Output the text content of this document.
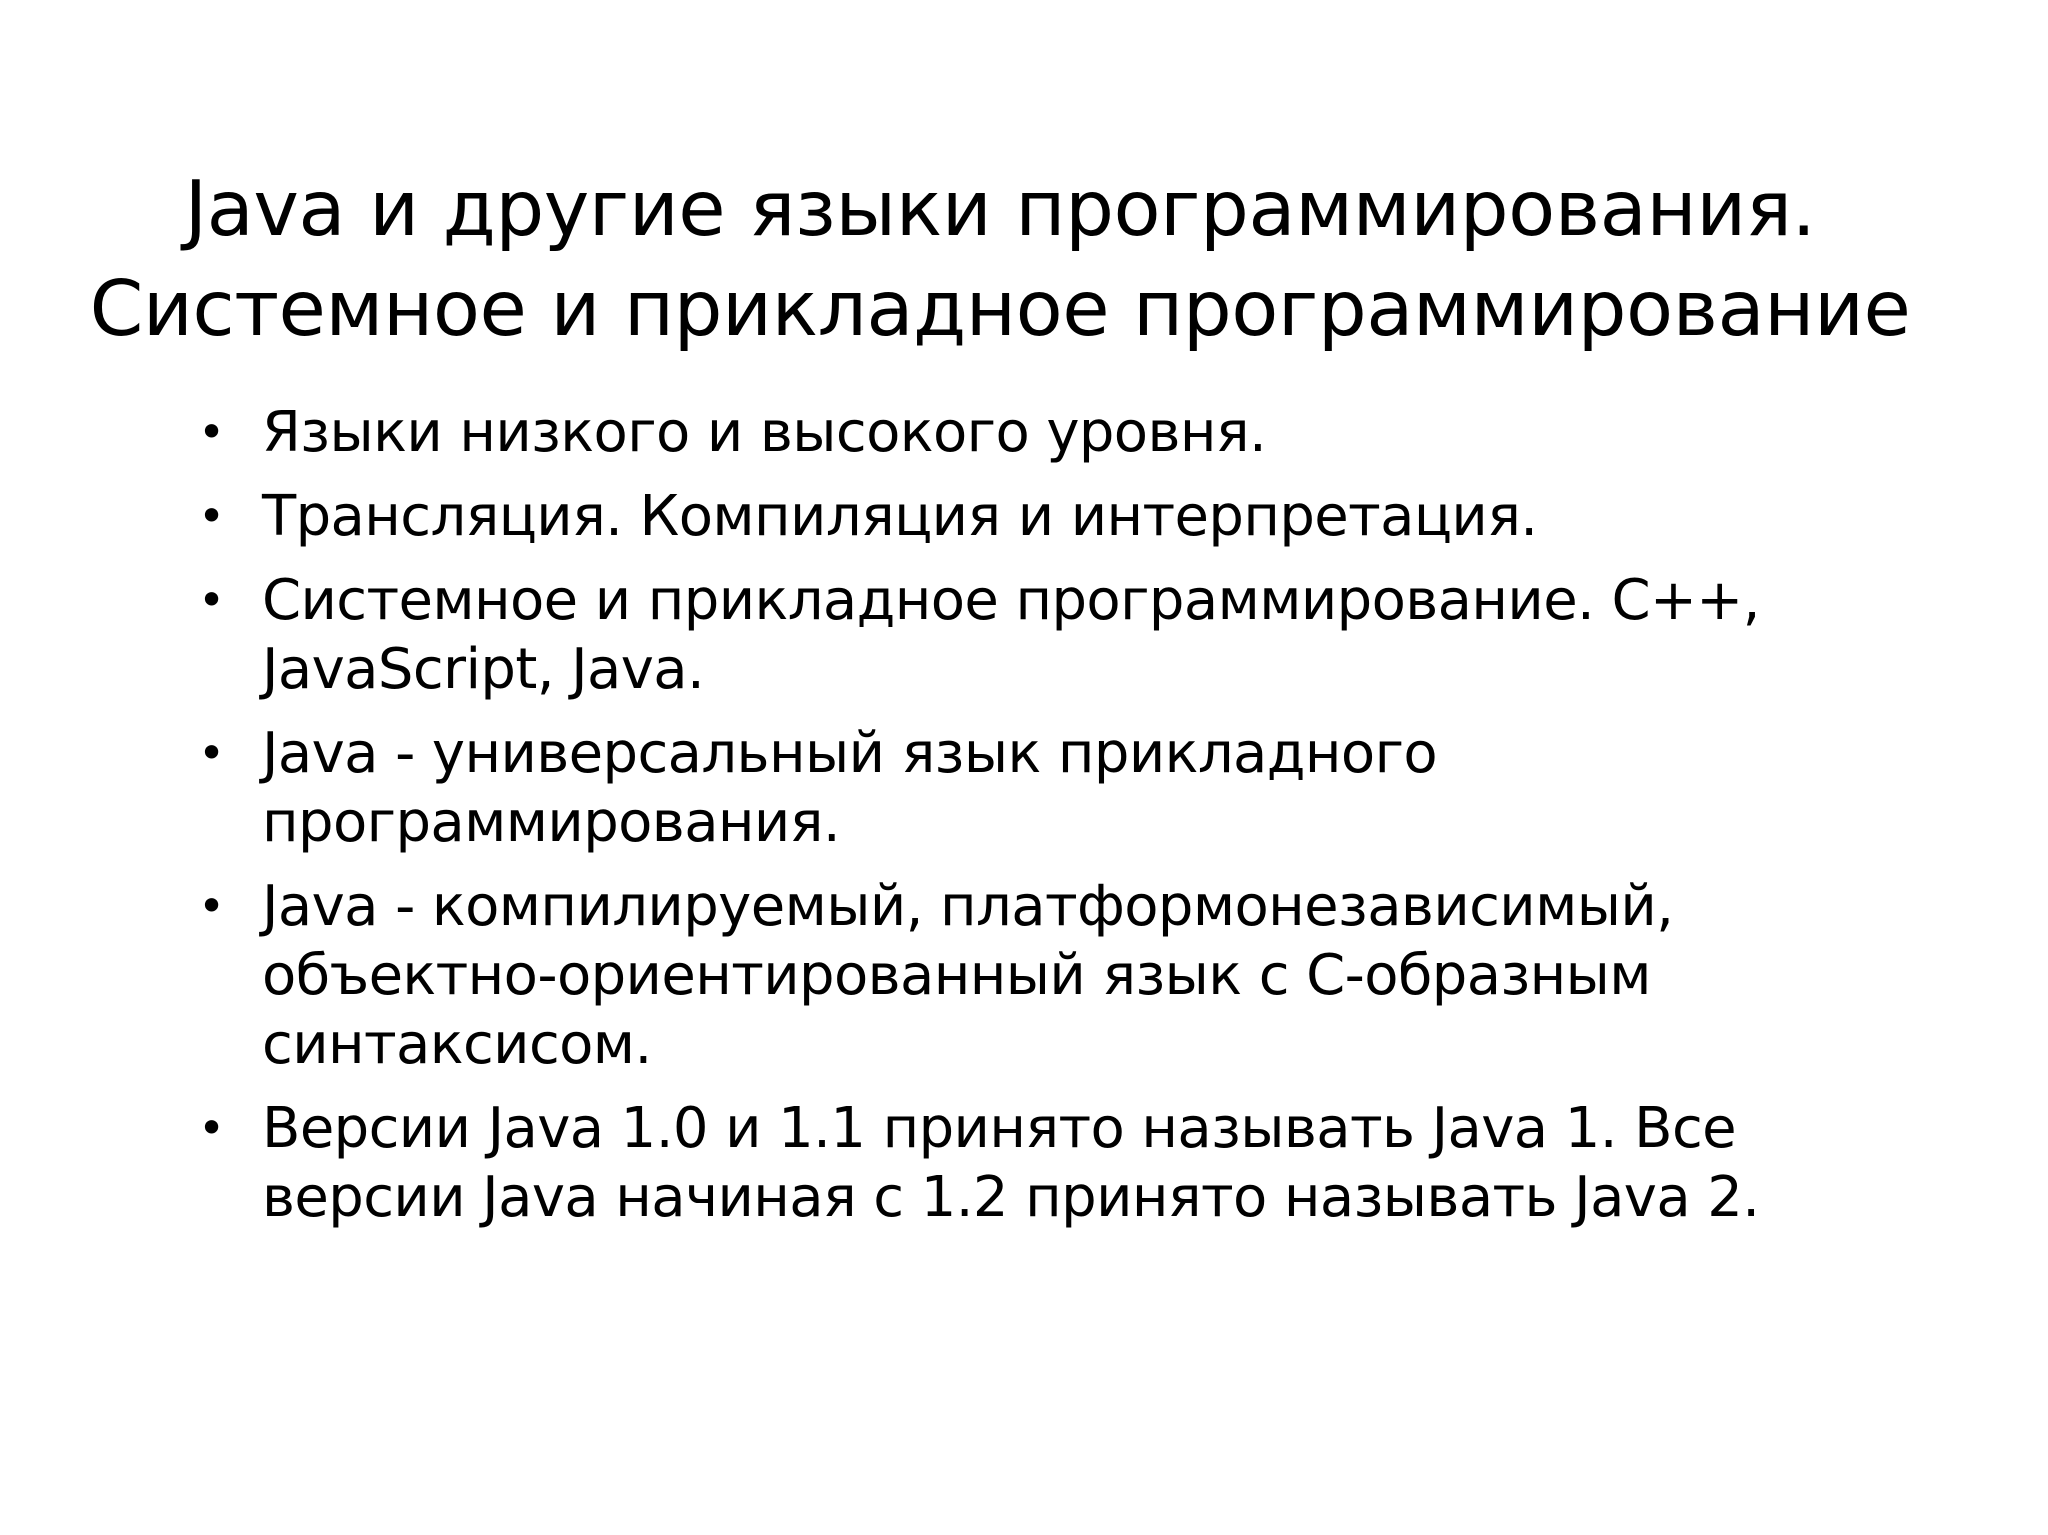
Java и другие языки программирования.
Системное и прикладное программирование
• Языки низкого и высокого уровня.
• Трансляция. Компиляция и интерпретация.
• Системное и прикладное программирование. C++,
JavaScript, Java.
• Java - универсальный язык прикладного
программирования.
• Java - компилируемый, платформонезависимый,
объектно-ориентированный язык с С-образным
синтаксисом.
• Версии Java 1.0 и 1.1 принято называть Java 1. Все
версии Java начиная с 1.2 принято называть Java 2.
